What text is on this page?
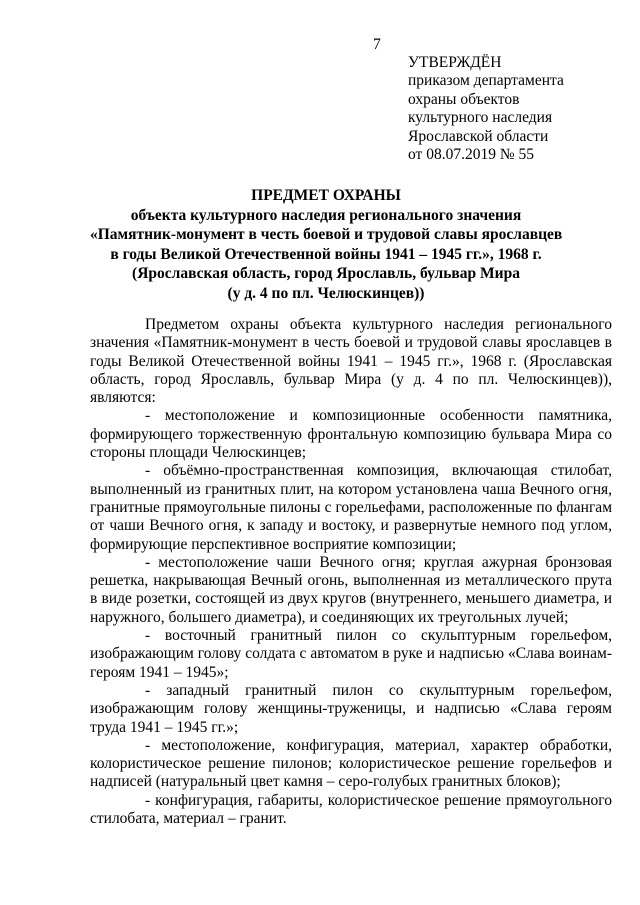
7
УТВЕРЖДЁН
приказом департамента
охраны объектов
культурного наследия
Ярославской области
от 08.07.2019 № 55
ПРЕДМЕТ ОХРАНЫ
объекта культурного наследия регионального значения
«Памятник-монумент в честь боевой и трудовой славы ярославцев
в годы Великой Отечественной войны 1941 – 1945 гг.», 1968 г.
(Ярославская область, город Ярославль, бульвар Мира
(у д. 4 по пл. Челюскинцев))

Предметом охраны объекта культурного наследия регионального значения «Памятник-монумент в честь боевой и трудовой славы ярославцев в годы Великой Отечественной войны 1941 – 1945 гг.», 1968 г. (Ярославская область, город Ярославль, бульвар Мира (у д. 4 по пл. Челюскинцев)), являются:

- местоположение и композиционные особенности памятника, формирующего торжественную фронтальную композицию бульвара Мира со стороны площади Челюскинцев;

- объёмно-пространственная композиция, включающая стилобат, выполненный из гранитных плит, на котором установлена чаша Вечного огня, гранитные прямоугольные пилоны с горельефами, расположенные по флангам от чаши Вечного огня, к западу и востоку, и развернутые немного под углом, формирующие перспективное восприятие композиции;

- местоположение чаши Вечного огня; круглая ажурная бронзовая решетка, накрывающая Вечный огонь, выполненная из металлического прута в виде розетки, состоящей из двух кругов (внутреннего, меньшего диаметра, и наружного, большего диаметра), и соединяющих их треугольных лучей;

- восточный гранитный пилон со скульптурным горельефом, изображающим голову солдата с автоматом в руке и надписью «Слава воинам-героям 1941 – 1945»;

- западный гранитный пилон со скульптурным горельефом, изображающим голову женщины-труженицы, и надписью «Слава героям труда 1941 – 1945 гг.»;

- местоположение, конфигурация, материал, характер обработки, колористическое решение пилонов; колористическое решение горельефов и надписей (натуральный цвет камня – серо-голубых гранитных блоков);

- конфигурация, габариты, колористическое решение прямоугольного стилобата, материал – гранит.
